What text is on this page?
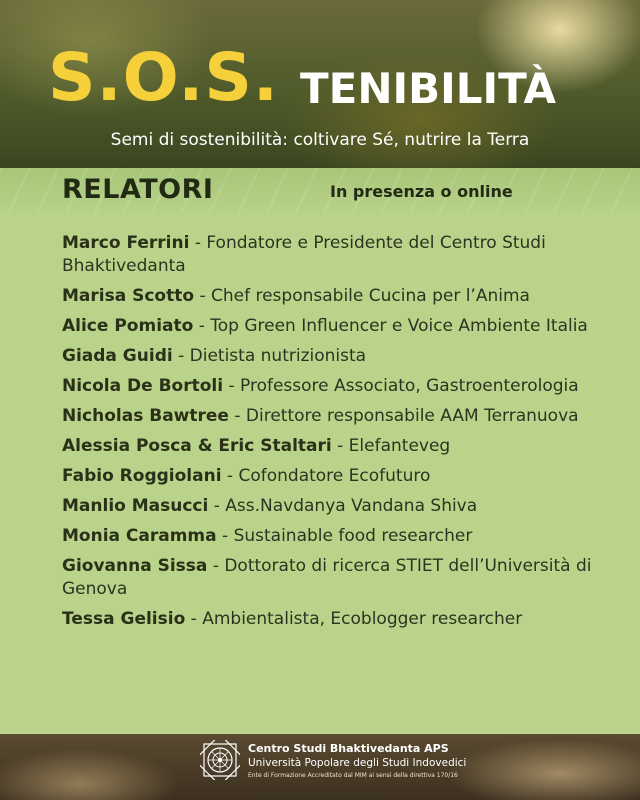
S.O.S. TENIBILITÀ
Semi di sostenibilità: coltivare Sé, nutrire la Terra
RELATORI	In presenza o online
Marco Ferrini - Fondatore e Presidente del Centro Studi Bhaktivedanta
Marisa Scotto - Chef responsabile Cucina per l’Anima
Alice Pomiato - Top Green Influencer e Voice Ambiente Italia
Giada Guidi - Dietista nutrizionista
Nicola De Bortoli - Professore Associato, Gastroenterologia
Nicholas Bawtree - Direttore responsabile AAM Terranuova
Alessia Posca & Eric Staltari - Elefanteveg
Fabio Roggiolani - Cofondatore Ecofuturo
Manlio Masucci - Ass.Navdanya Vandana Shiva
Monia Caramma - Sustainable food researcher
Giovanna Sissa - Dottorato di ricerca STIET dell’Università di Genova
Tessa Gelisio - Ambientalista, Ecoblogger researcher
Centro Studi Bhaktivedanta APS
Università Popolare degli Studi Indovedici
Ente di Formazione Accreditato dal MIM ai sensi della direttiva 170/16
